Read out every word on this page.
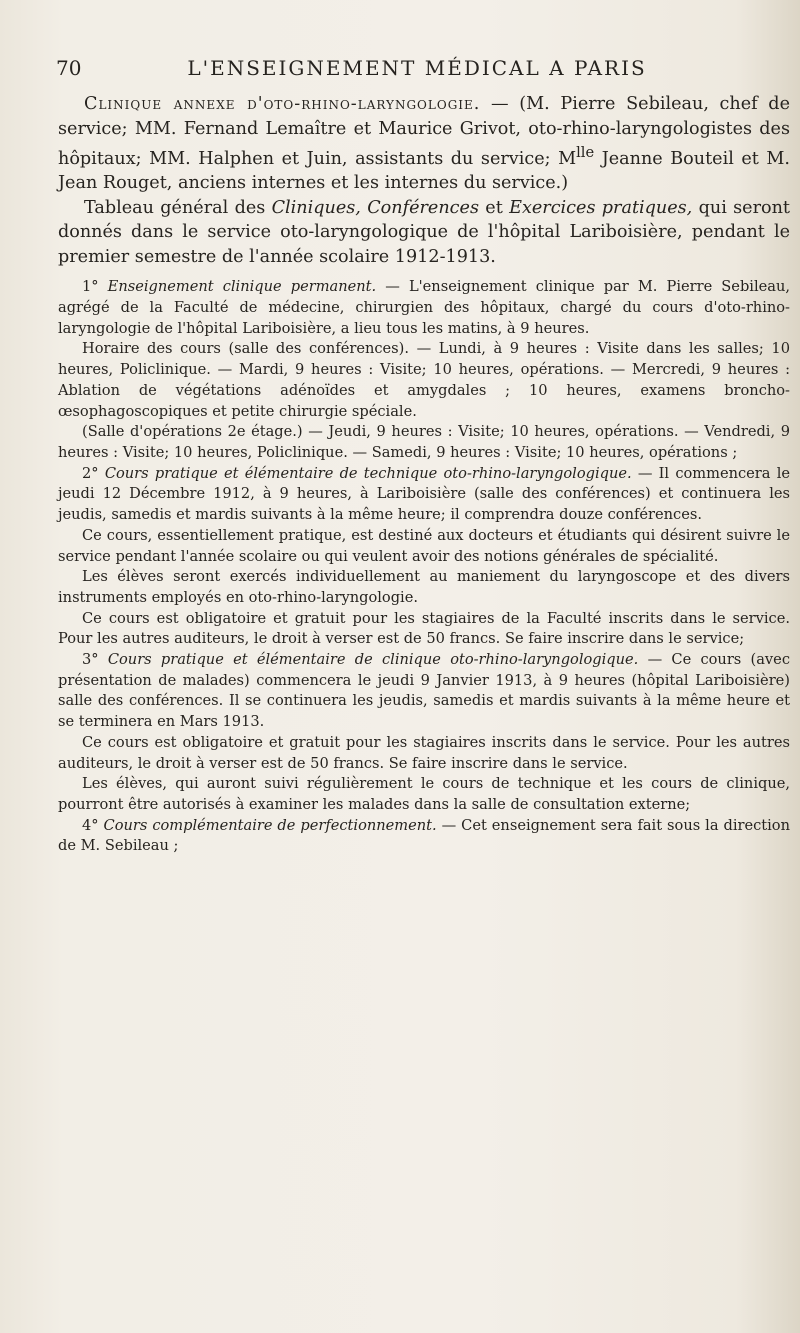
70	L'ENSEIGNEMENT MÉDICAL A PARIS

Clinique annexe d'oto-rhino-laryngologie. — (M. Pierre Sebileau, chef de service; MM. Fernand Lemaître et Maurice Grivot, oto-rhino-laryngologistes des hôpitaux; MM. Halphen et Juin, assistants du service; $M^{lle}$ Jeanne Bouteil et M. Jean Rouget, anciens internes et les internes du service.)

Tableau général des Cliniques, Conférences et Exercices pratiques, qui seront donnés dans le service oto-laryngologique de l'hôpital Lariboisière, pendant le premier semestre de l'année scolaire 1912-1913.

1° Enseignement clinique permanent. — L'enseignement clinique par M. Pierre Sebileau, agrégé de la Faculté de médecine, chirurgien des hôpitaux, chargé du cours d'oto-rhino-laryngologie de l'hôpital Lariboisière, a lieu tous les matins, à 9 heures.

Horaire des cours (salle des conférences). — Lundi, à 9 heures : Visite dans les salles; 10 heures, Policlinique. — Mardi, 9 heures : Visite; 10 heures, opérations. — Mercredi, 9 heures : Ablation de végétations adénoïdes et amygdales ; 10 heures, examens broncho-œsophagoscopiques et petite chirurgie spéciale.

(Salle d'opérations 2e étage.) — Jeudi, 9 heures : Visite; 10 heures, opérations. — Vendredi, 9 heures : Visite; 10 heures, Policlinique. — Samedi, 9 heures : Visite; 10 heures, opérations ;

2° Cours pratique et élémentaire de technique oto-rhino-laryngologique. — Il commencera le jeudi 12 Décembre 1912, à 9 heures, à Lariboisière (salle des conférences) et continuera les jeudis, samedis et mardis suivants à la même heure; il comprendra douze conférences.

Ce cours, essentiellement pratique, est destiné aux docteurs et étudiants qui désirent suivre le service pendant l'année scolaire ou qui veulent avoir des notions générales de spécialité.

Les élèves seront exercés individuellement au maniement du laryngoscope et des divers instruments employés en oto-rhino-laryngologie.

Ce cours est obligatoire et gratuit pour les stagiaires de la Faculté inscrits dans le service. Pour les autres auditeurs, le droit à verser est de 50 francs. Se faire inscrire dans le service;

3° Cours pratique et élémentaire de clinique oto-rhino-laryngologique. — Ce cours (avec présentation de malades) commencera le jeudi 9 Janvier 1913, à 9 heures (hôpital Lariboisière) salle des conférences. Il se continuera les jeudis, samedis et mardis suivants à la même heure et se terminera en Mars 1913.

Ce cours est obligatoire et gratuit pour les stagiaires inscrits dans le service. Pour les autres auditeurs, le droit à verser est de 50 francs. Se faire inscrire dans le service.

Les élèves, qui auront suivi régulièrement le cours de technique et les cours de clinique, pourront être autorisés à examiner les malades dans la salle de consultation externe;

4° Cours complémentaire de perfectionnement. — Cet enseignement sera fait sous la direction de M. Sebileau ;
